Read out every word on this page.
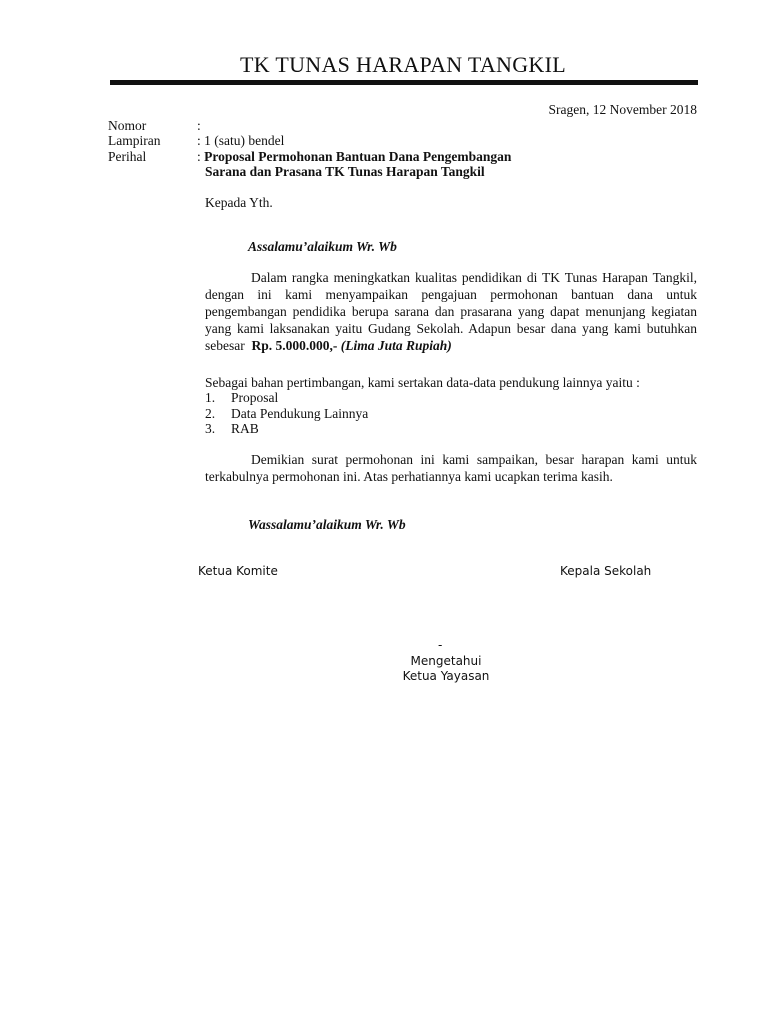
TK TUNAS HARAPAN TANGKIL
Sragen, 12 November 2018
Nomor	:
Lampiran	: 1 (satu) bendel
Perihal	: Proposal Permohonan Bantuan Dana Pengembangan
Sarana dan Prasana TK Tunas Harapan Tangkil
Kepada Yth.
Assalamu’alaikum Wr. Wb
Dalam rangka meningkatkan kualitas pendidikan di TK Tunas Harapan Tangkil, dengan ini kami menyampaikan pengajuan permohonan bantuan dana untuk pengembangan pendidika berupa sarana dan prasarana yang dapat menunjang kegiatan yang kami laksanakan yaitu Gudang Sekolah. Adapun besar dana yang kami butuhkan sebesar Rp. 5.000.000,- (Lima Juta Rupiah)
Sebagai bahan pertimbangan, kami sertakan data-data pendukung lainnya yaitu :
1. Proposal
2. Data Pendukung Lainnya
3. RAB
Demikian surat permohonan ini kami sampaikan, besar harapan kami untuk terkabulnya permohonan ini. Atas perhatiannya kami ucapkan terima kasih.
Wassalamu’alaikum Wr. Wb
Ketua Komite	Kepala Sekolah
-
Mengetahui
Ketua Yayasan
